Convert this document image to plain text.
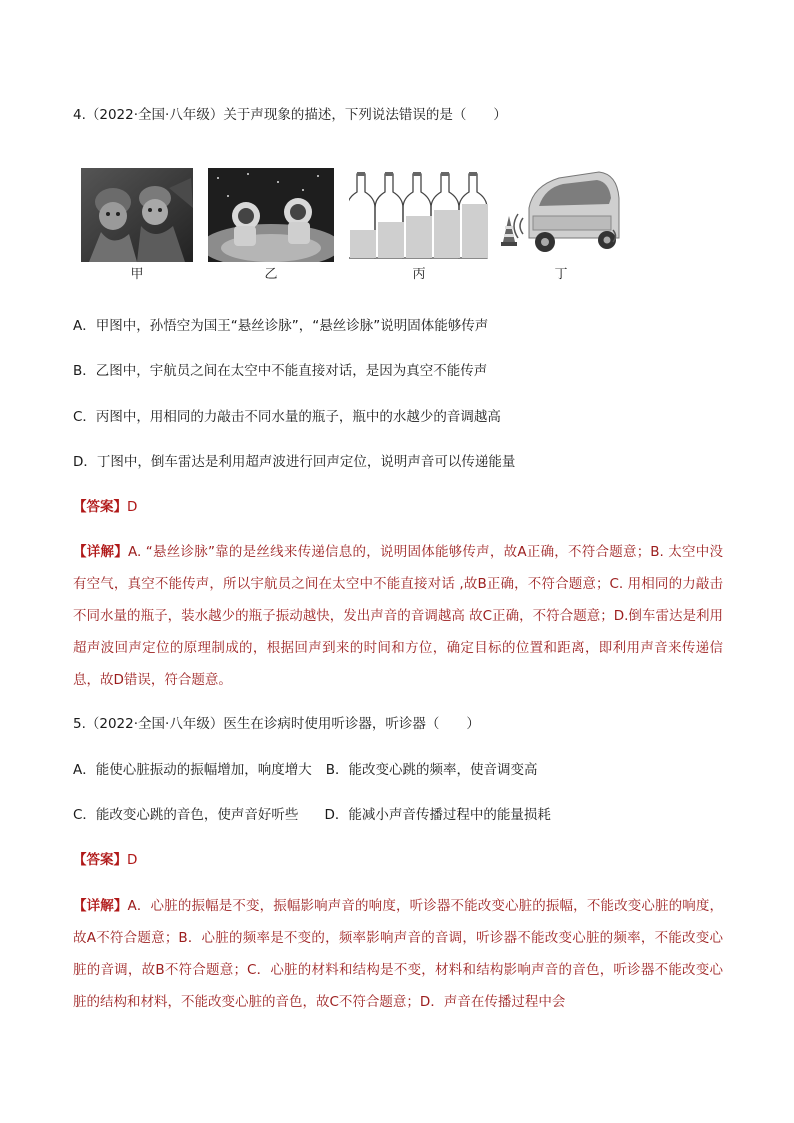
4.（2022·全国·八年级）关于声现象的描述，下列说法错误的是（　　）
甲	乙	丙	丁
A．甲图中，孙悟空为国王“悬丝诊脉”，“悬丝诊脉”说明固体能够传声
B．乙图中，宇航员之间在太空中不能直接对话，是因为真空不能传声
C．丙图中，用相同的力敲击不同水量的瓶子，瓶中的水越少的音调越高
D．丁图中，倒车雷达是利用超声波进行回声定位，说明声音可以传递能量
【答案】D
【详解】A. “悬丝诊脉”靠的是丝线来传递信息的，说明固体能够传声，故A正确，不符合题意；B. 太空中没有空气，真空不能传声，所以宇航员之间在太空中不能直接对话 ,故B正确，不符合题意；C. 用相同的力敲击不同水量的瓶子，装水越少的瓶子振动越快，发出声音的音调越高 故C正确，不符合题意；D.倒车雷达是利用超声波回声定位的原理制成的，根据回声到来的时间和方位，确定目标的位置和距离，即利用声音来传递信息，故D错误，符合题意。
5.（2022·全国·八年级）医生在诊病时使用听诊器，听诊器（　　）
A．能使心脏振动的振幅增加，响度增大 B．能改变心跳的频率，使音调变高
C．能改变心跳的音色，使声音好听些 D．能减小声音传播过程中的能量损耗
【答案】D
【详解】A．心脏的振幅是不变，振幅影响声音的响度，听诊器不能改变心脏的振幅，不能改变心脏的响度，故A不符合题意；B．心脏的频率是不变的，频率影响声音的音调，听诊器不能改变心脏的频率，不能改变心脏的音调，故B不符合题意；C．心脏的材料和结构是不变，材料和结构影响声音的音色，听诊器不能改变心脏的结构和材料，不能改变心脏的音色，故C不符合题意；D．声音在传播过程中会
